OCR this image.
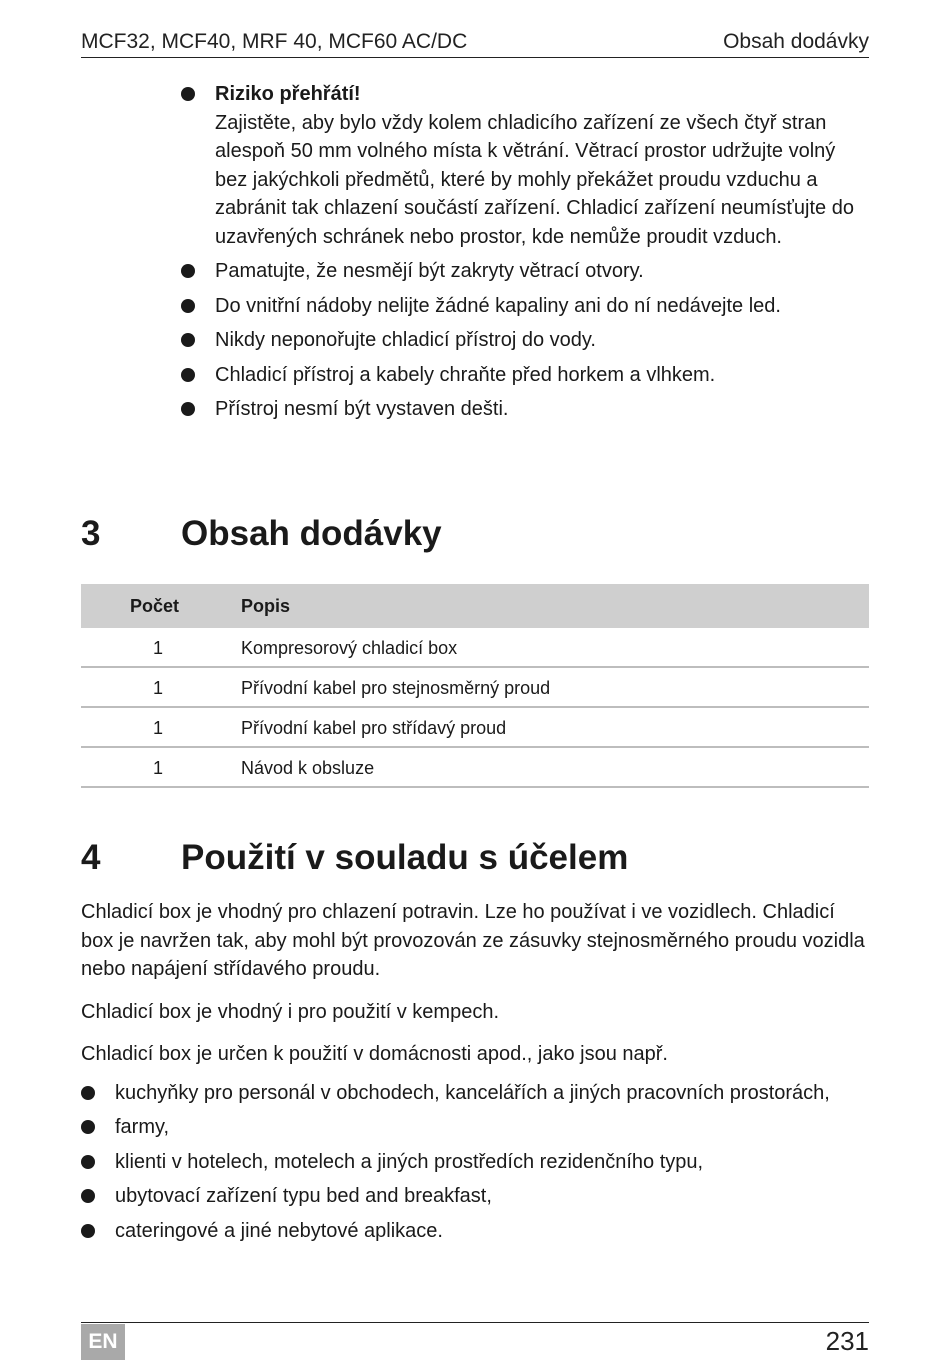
MCF32, MCF40, MRF 40, MCF60 AC/DC	Obsah dodávky
Riziko přehřátí!
Zajistěte, aby bylo vždy kolem chladicího zařízení ze všech čtyř stran alespoň 50 mm volného místa k větrání. Větrací prostor udržujte volný bez jakýchkoli předmětů, které by mohly překážet proudu vzduchu a zabránit tak chlazení součástí zařízení. Chladicí zařízení neumísťujte do uzavřených schránek nebo prostor, kde nemůže proudit vzduch.
Pamatujte, že nesmějí být zakryty větrací otvory.
Do vnitřní nádoby nelijte žádné kapaliny ani do ní nedávejte led.
Nikdy neponořujte chladicí přístroj do vody.
Chladicí přístroj a kabely chraňte před horkem a vlhkem.
Přístroj nesmí být vystaven dešti.
3 Obsah dodávky
Počet	Popis
1	Kompresorový chladicí box
1	Přívodní kabel pro stejnosměrný proud
1	Přívodní kabel pro střídavý proud
1	Návod k obsluze
4 Použití v souladu s účelem

Chladicí box je vhodný pro chlazení potravin. Lze ho používat i ve vozidlech. Chladicí box je navržen tak, aby mohl být provozován ze zásuvky stejnosměrného proudu vozidla nebo napájení střídavého proudu.

Chladicí box je vhodný i pro použití v kempech.

Chladicí box je určen k použití v domácnosti apod., jako jsou např.

kuchyňky pro personál v obchodech, kancelářích a jiných pracovních prostorách,
farmy,
klienti v hotelech, motelech a jiných prostředích rezidenčního typu,
ubytovací zařízení typu bed and breakfast,
cateringové a jiné nebytové aplikace.
EN	231
